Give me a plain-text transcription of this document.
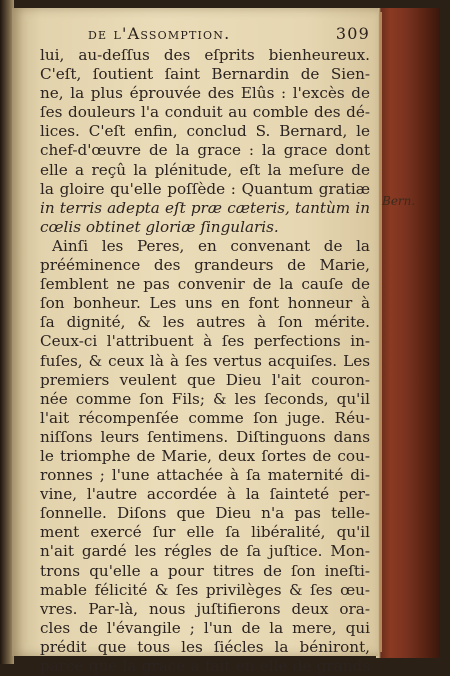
de l'Assomption.	309
Bern.
lui, au-deſſus des eſprits bienheureux.
C'eſt, ſoutient ſaint Bernardin de Sien-
ne, la plus éprouvée des Elûs : l'excès de
ſes douleurs l'a conduit au comble des dé-
lices. C'eſt enfin, conclud S. Bernard, le
chef-d'œuvre de la grace : la grace dont
elle a reçû la plénitude, eſt la meſure de
la gloire qu'elle poſſède : Quantum gratiæ
in terris adepta eſt præ cæteris, tantùm in
cœlis obtinet gloriæ ſingularis.
Ainſi les Peres, en convenant de la
prééminence des grandeurs de Marie,
ſemblent ne pas convenir de la cauſe de
ſon bonheur. Les uns en font honneur à
ſa dignité, & les autres à ſon mérite.
Ceux-ci l'attribuent à ſes perfections in-
fuſes, & ceux là à ſes vertus acquiſes. Les
premiers veulent que Dieu l'ait couron-
née comme ſon Fils; & les ſeconds, qu'il
l'ait récompenſée comme ſon juge. Réu-
niſſons leurs ſentimens. Diſtinguons dans
le triomphe de Marie, deux ſortes de cou-
ronnes ; l'une attachée à ſa maternité di-
vine, l'autre accordée à la ſainteté per-
ſonnelle. Diſons que Dieu n'a pas telle-
ment exercé ſur elle ſa libéralité, qu'il
n'ait gardé les régles de ſa juſtice. Mon-
trons qu'elle a pour titres de ſon ineſti-
mable félicité & ſes privilèges & ſes œu-
vres. Par-là, nous juſtifierons deux ora-
cles de l'évangile ; l'un de la mere, qui
prédit que tous les ſiécles la béniront,
parce que la grace a fait en elle de grands
